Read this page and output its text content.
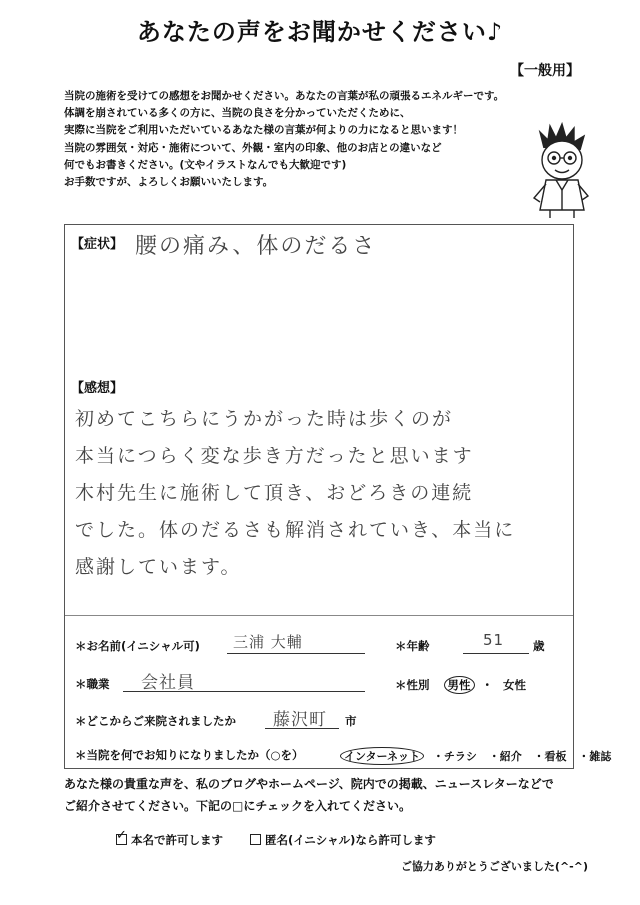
あなたの声をお聞かせください♪
【一般用】
当院の施術を受けての感想をお聞かせください。あなたの言葉が私の頑張るエネルギーです。
体調を崩されている多くの方に、当院の良さを分かっていただくために、
実際に当院をご利用いただいているあなた様の言葉が何よりの力になると思います！
当院の雰囲気・対応・施術について、外観・室内の印象、他のお店との違いなど
何でもお書きください。(文やイラストなんでも大歓迎です)
お手数ですが、よろしくお願いいたします。
【症状】 腰の痛み、体のだるさ
【感想】
初めてこちらにうかがった時は歩くのが
本当につらく変な歩き方だったと思います
木村先生に施術して頂き、おどろきの連続
でした。体のだるさも解消されていき、本当に
感謝しています。
＊お名前(イニシャル可) 三浦 大輔	＊年齢	51	歳
＊職業 会社員	＊性別 男性 ・ 女性
＊どこからご来院されましたか 藤沢町 市
＊当院を何でお知りになりましたか（○を）	インターネット ・チラシ ・紹介 ・看板 ・雑誌
あなた様の貴重な声を、私のブログやホームページ、院内での掲載、ニュースレターなどで
ご紹介させてください。下記の□にチェックを入れてください。
✓本名で許可します	匿名(イニシャル)なら許可します
ご協力ありがとうございました(^-^)
